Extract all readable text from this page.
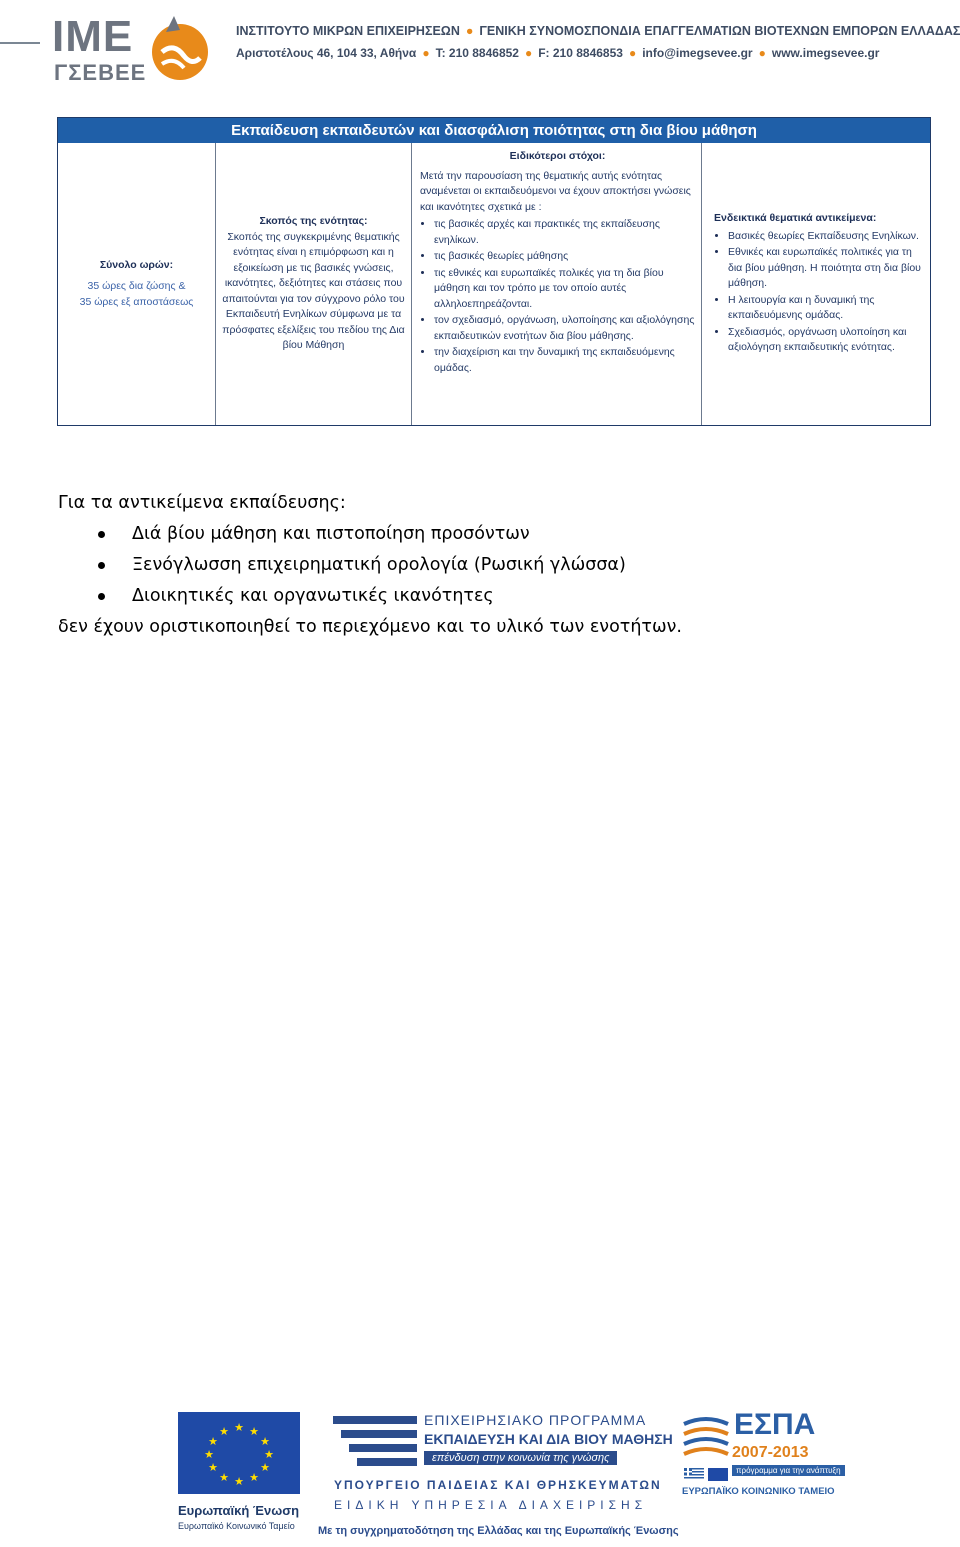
IME
ΓΣΕΒΕΕ
ΙΝΣΤΙΤΟΥΤΟ ΜΙΚΡΩΝ ΕΠΙΧΕΙΡΗΣΕΩΝ ● ΓΕΝΙΚΗ ΣΥΝΟΜΟΣΠΟΝΔΙΑ ΕΠΑΓΓΕΛΜΑΤΙΩΝ ΒΙΟΤΕΧΝΩΝ ΕΜΠΟΡΩΝ ΕΛΛΑΔΑΣ
Αριστοτέλους 46, 104 33, Αθήνα ● T: 210 8846852 ● F: 210 8846853 ● info@imegsevee.gr ● www.imegsevee.gr
Εκπαίδευση εκπαιδευτών και διασφάλιση ποιότητας στη δια βίου μάθηση

Σύνολο ωρών:

35 ώρες δια ζώσης &

35 ώρες εξ αποστάσεως

Σκοπός της ενότητας:

Σκοπός της συγκεκριμένης θεματικής ενότητας είναι η επιμόρφωση και η εξοικείωση με τις βασικές γνώσεις, ικανότητες, δεξιότητες και στάσεις που απαιτούνται για τον σύγχρονο ρόλο του Εκπαιδευτή Ενηλίκων σύμφωνα με τα πρόσφατες εξελίξεις του πεδίου της Δια βίου Μάθηση

Ειδικότεροι στόχοι:

Μετά την παρουσίαση της θεματικής αυτής ενότητας αναμένεται οι εκπαιδευόμενοι να έχουν αποκτήσει γνώσεις και ικανότητες σχετικά με :

• τις βασικές αρχές και πρακτικές της εκπαίδευσης ενηλίκων.
• τις βασικές θεωρίες μάθησης
• τις εθνικές και ευρωπαϊκές πολικές για τη δια βίου μάθηση και τον τρόπο με τον οποίο αυτές αλληλοεπηρεάζονται.
• τον σχεδιασμό, οργάνωση, υλοποίησης και αξιολόγησης εκπαιδευτικών ενοτήτων δια βίου μάθησης.
• την διαχείριση και την δυναμική της εκπαιδευόμενης ομάδας.

Ενδεικτικά θεματικά αντικείμενα:

• Βασικές θεωρίες Εκπαίδευσης Ενηλίκων.
• Εθνικές και ευρωπαϊκές πολιτικές για τη δια βίου μάθηση. Η ποιότητα στη δια βίου μάθηση.
• Η λειτουργία και η δυναμική της εκπαιδευόμενης ομάδας.
• Σχεδιασμός, οργάνωση υλοποίηση και αξιολόγηση εκπαιδευτικής ενότητας.

Για τα αντικείμενα εκπαίδευσης:

Διά βίου μάθηση και πιστοποίηση προσόντων
Ξενόγλωσση επιχειρηματική ορολογία (Ρωσική γλώσσα)
Διοικητικές και οργανωτικές ικανότητες

δεν έχουν οριστικοποιηθεί το περιεχόμενο και το υλικό των ενοτήτων.

★ ★
★
★
★
★
★
★
★
★
★
★
Ευρωπαϊκή Ένωση
Ευρωπαϊκό Κοινωνικό Ταμείο
ΕΠΙΧΕΙΡΗΣΙΑΚΟ ΠΡΟΓΡΑΜΜΑ
ΕΚΠΑΙΔΕΥΣΗ ΚΑΙ ΔΙΑ ΒΙΟΥ ΜΑΘΗΣΗ
επένδυση στην κοινωνία της γνώσης
ΥΠΟΥΡΓΕΙΟ ΠΑΙΔΕΙΑΣ ΚΑΙ ΘΡΗΣΚΕΥΜΑΤΩΝ
ΕΙΔΙΚΗ ΥΠΗΡΕΣΙΑ ΔΙΑΧΕΙΡΙΣΗΣ
Με τη συγχρηματοδότηση της Ελλάδας και της Ευρωπαϊκής Ένωσης
ΕΣΠΑ
2007-2013
πρόγραμμα για την ανάπτυξη
ΕΥΡΩΠΑΪΚΟ ΚΟΙΝΩΝΙΚΟ ΤΑΜΕΙΟ
